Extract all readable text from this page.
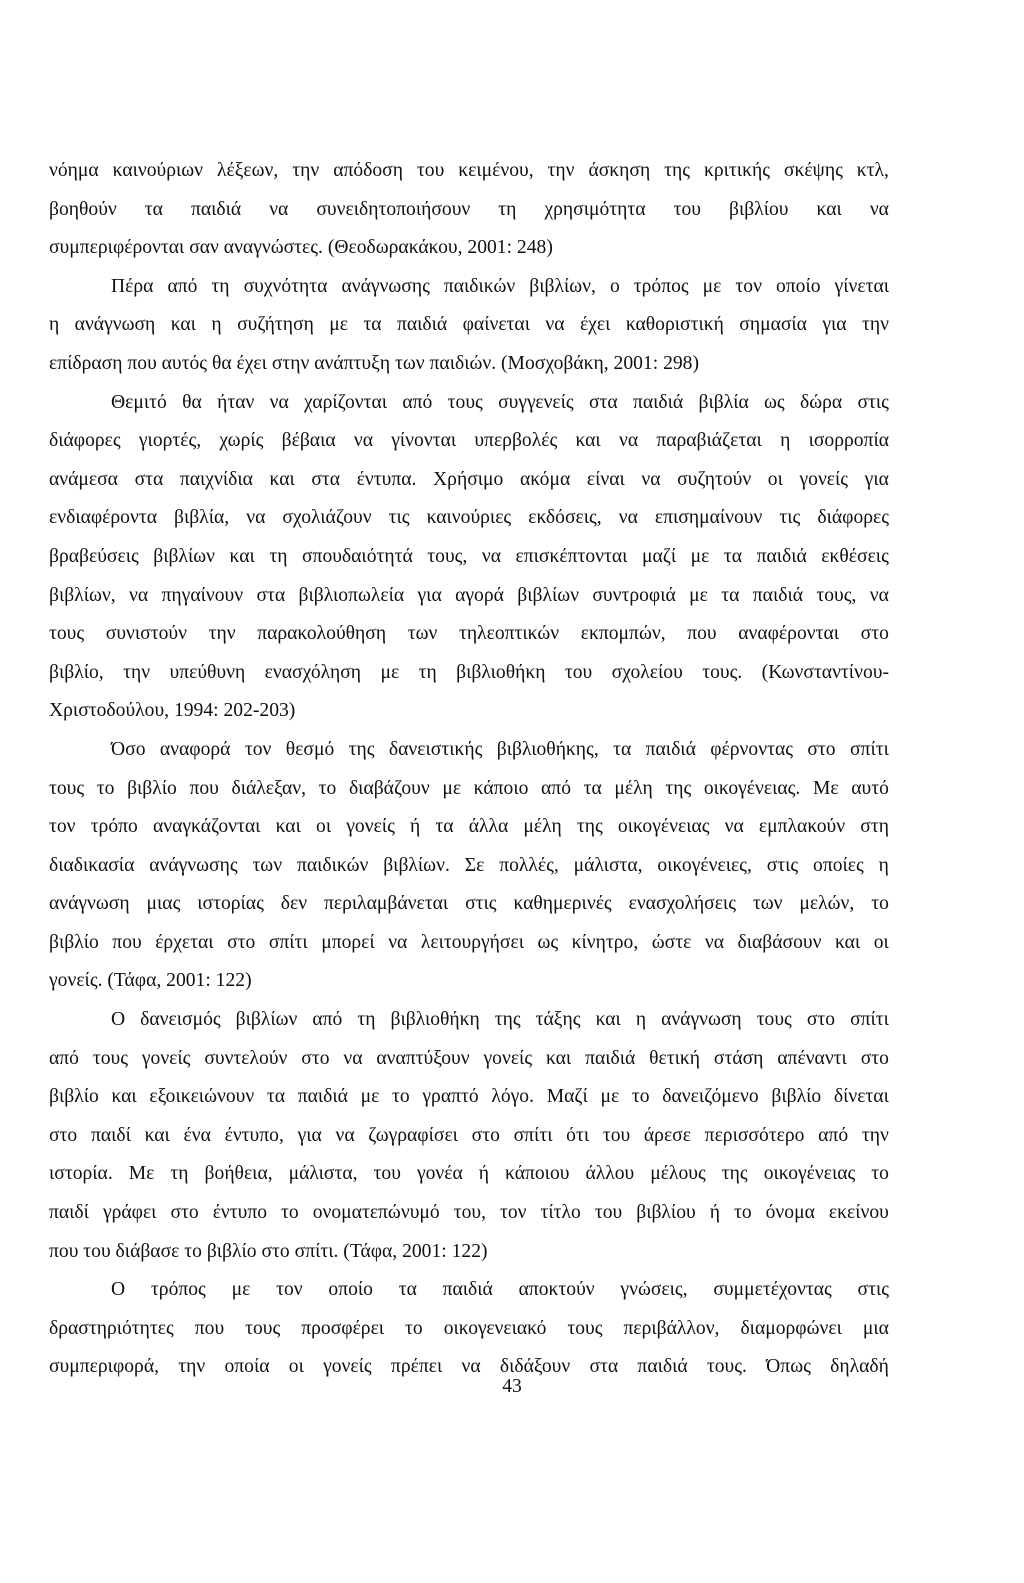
νόημα καινούριων λέξεων, την απόδοση του κειμένου, την άσκηση της κριτικής σκέψης κτλ,
βοηθούν τα παιδιά να συνειδητοποιήσουν τη χρησιμότητα του βιβλίου και να
συμπεριφέρονται σαν αναγνώστες. (Θεοδωρακάκου, 2001: 248)
Πέρα από τη συχνότητα ανάγνωσης παιδικών βιβλίων, ο τρόπος με τον οποίο γίνεται
η ανάγνωση και η συζήτηση με τα παιδιά φαίνεται να έχει καθοριστική σημασία για την
επίδραση που αυτός θα έχει στην ανάπτυξη των παιδιών. (Μοσχοβάκη, 2001: 298)
Θεμιτό θα ήταν να χαρίζονται από τους συγγενείς στα παιδιά βιβλία ως δώρα στις
διάφορες γιορτές, χωρίς βέβαια να γίνονται υπερβολές και να παραβιάζεται η ισορροπία
ανάμεσα στα παιχνίδια και στα έντυπα. Χρήσιμο ακόμα είναι να συζητούν οι γονείς για
ενδιαφέροντα βιβλία, να σχολιάζουν τις καινούριες εκδόσεις, να επισημαίνουν τις διάφορες
βραβεύσεις βιβλίων και τη σπουδαιότητά τους, να επισκέπτονται μαζί με τα παιδιά εκθέσεις
βιβλίων, να πηγαίνουν στα βιβλιοπωλεία για αγορά βιβλίων συντροφιά με τα παιδιά τους, να
τους συνιστούν την παρακολούθηση των τηλεοπτικών εκπομπών, που αναφέρονται στο
βιβλίο, την υπεύθυνη ενασχόληση με τη βιβλιοθήκη του σχολείου τους. (Κωνσταντίνου-
Χριστοδούλου, 1994: 202-203)
Όσο αναφορά τον θεσμό της δανειστικής βιβλιοθήκης, τα παιδιά φέρνοντας στο σπίτι
τους το βιβλίο που διάλεξαν, το διαβάζουν με κάποιο από τα μέλη της οικογένειας. Με αυτό
τον τρόπο αναγκάζονται και οι γονείς ή τα άλλα μέλη της οικογένειας να εμπλακούν στη
διαδικασία ανάγνωσης των παιδικών βιβλίων. Σε πολλές, μάλιστα, οικογένειες, στις οποίες η
ανάγνωση μιας ιστορίας δεν περιλαμβάνεται στις καθημερινές ενασχολήσεις των μελών, το
βιβλίο που έρχεται στο σπίτι μπορεί να λειτουργήσει ως κίνητρο, ώστε να διαβάσουν και οι
γονείς. (Τάφα, 2001: 122)
Ο δανεισμός βιβλίων από τη βιβλιοθήκη της τάξης και η ανάγνωση τους στο σπίτι
από τους γονείς συντελούν στο να αναπτύξουν γονείς και παιδιά θετική στάση απέναντι στο
βιβλίο και εξοικειώνουν τα παιδιά με το γραπτό λόγο. Μαζί με το δανειζόμενο βιβλίο δίνεται
στο παιδί και ένα έντυπο, για να ζωγραφίσει στο σπίτι ότι του άρεσε περισσότερο από την
ιστορία. Με τη βοήθεια, μάλιστα, του γονέα ή κάποιου άλλου μέλους της οικογένειας το
παιδί γράφει στο έντυπο το ονοματεπώνυμό του, τον τίτλο του βιβλίου ή το όνομα εκείνου
που του διάβασε το βιβλίο στο σπίτι. (Τάφα, 2001: 122)
Ο τρόπος με τον οποίο τα παιδιά αποκτούν γνώσεις, συμμετέχοντας στις
δραστηριότητες που τους προσφέρει το οικογενειακό τους περιβάλλον, διαμορφώνει μια
συμπεριφορά, την οποία οι γονείς πρέπει να διδάξουν στα παιδιά τους. Όπως δηλαδή
43
